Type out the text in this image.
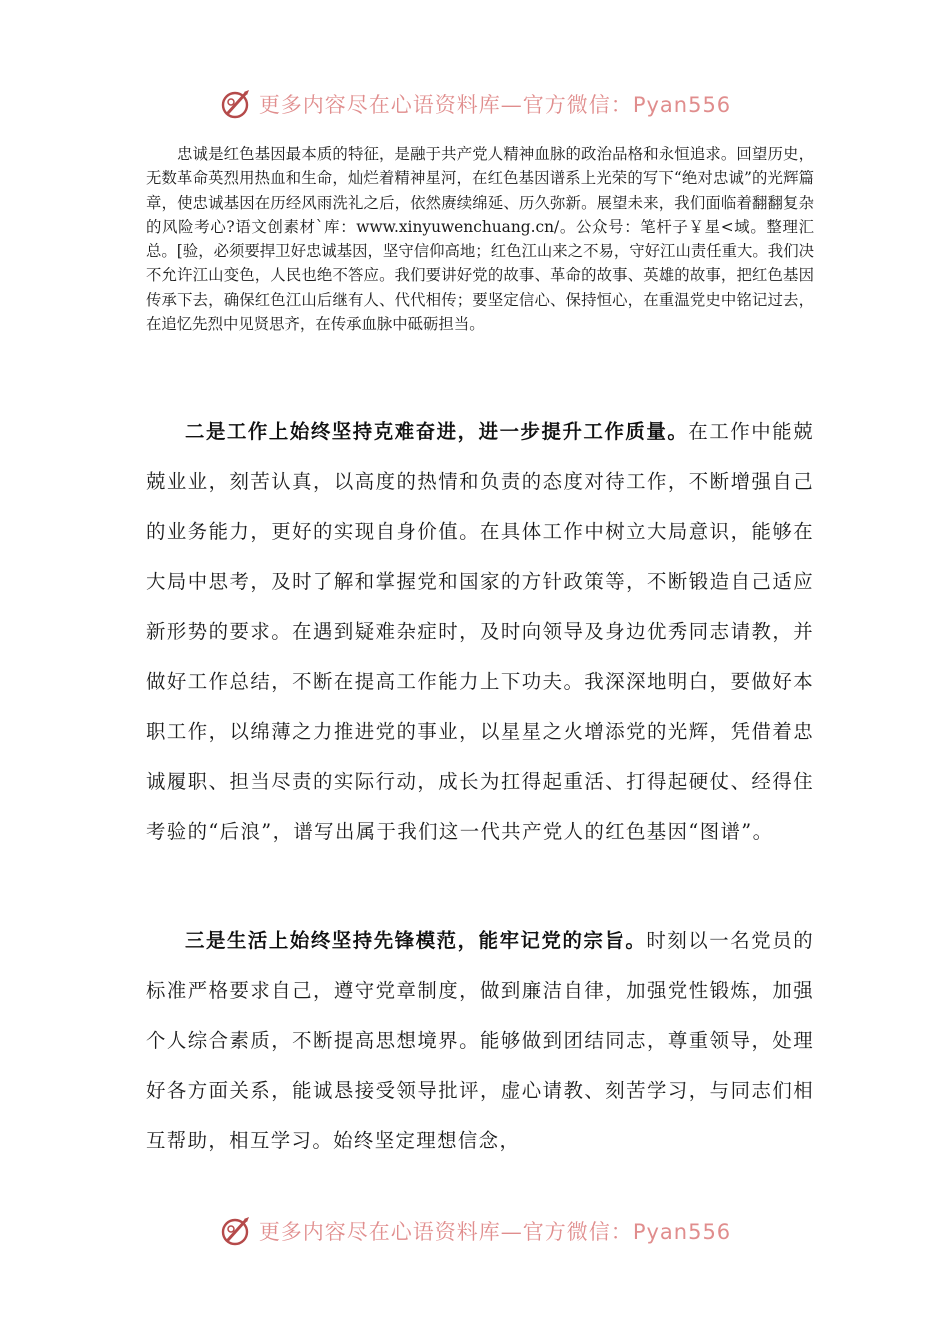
更多内容尽在心语资料库—官方微信：Pyan556

忠诚是红色基因最本质的特征，是融于共产党人精神血脉的政治品格和永恒追求。回望历史，无数革命英烈用热血和生命，灿烂着精神星河，在红色基因谱系上光荣的写下“绝对忠诚”的光辉篇章，使忠诚基因在历经风雨洗礼之后，依然赓续绵延、历久弥新。展望未来，我们面临着翻翻复杂的风险考心?语文创素材`库：www.xinyuwenchuang.cn/。公众号：笔杆子￥星<域。整理汇总。[验，必须要捍卫好忠诚基因，坚守信仰高地；红色江山来之不易，守好江山责任重大。我们决不允许江山变色，人民也绝不答应。我们要讲好党的故事、革命的故事、英雄的故事，把红色基因传承下去，确保红色江山后继有人、代代相传；要坚定信心、保持恒心，在重温党史中铭记过去，在追忆先烈中见贤思齐，在传承血脉中砥砺担当。

二是工作上始终坚持克难奋进，进一步提升工作质量。在工作中能兢兢业业，刻苦认真，以高度的热情和负责的态度对待工作，不断增强自己的业务能力，更好的实现自身价值。在具体工作中树立大局意识，能够在大局中思考，及时了解和掌握党和国家的方针政策等，不断锻造自己适应新形势的要求。在遇到疑难杂症时，及时向领导及身边优秀同志请教，并做好工作总结，不断在提高工作能力上下功夫。我深深地明白，要做好本职工作，以绵薄之力推进党的事业，以星星之火增添党的光辉，凭借着忠诚履职、担当尽责的实际行动，成长为扛得起重活、打得起硬仗、经得住考验的“后浪”，谱写出属于我们这一代共产党人的红色基因“图谱”。

三是生活上始终坚持先锋模范，能牢记党的宗旨。时刻以一名党员的标准严格要求自己，遵守党章制度，做到廉洁自律，加强党性锻炼，加强个人综合素质，不断提高思想境界。能够做到团结同志，尊重领导，处理好各方面关系，能诚恳接受领导批评，虚心请教、刻苦学习，与同志们相互帮助，相互学习。始终坚定理想信念，

更多内容尽在心语资料库—官方微信：Pyan556
